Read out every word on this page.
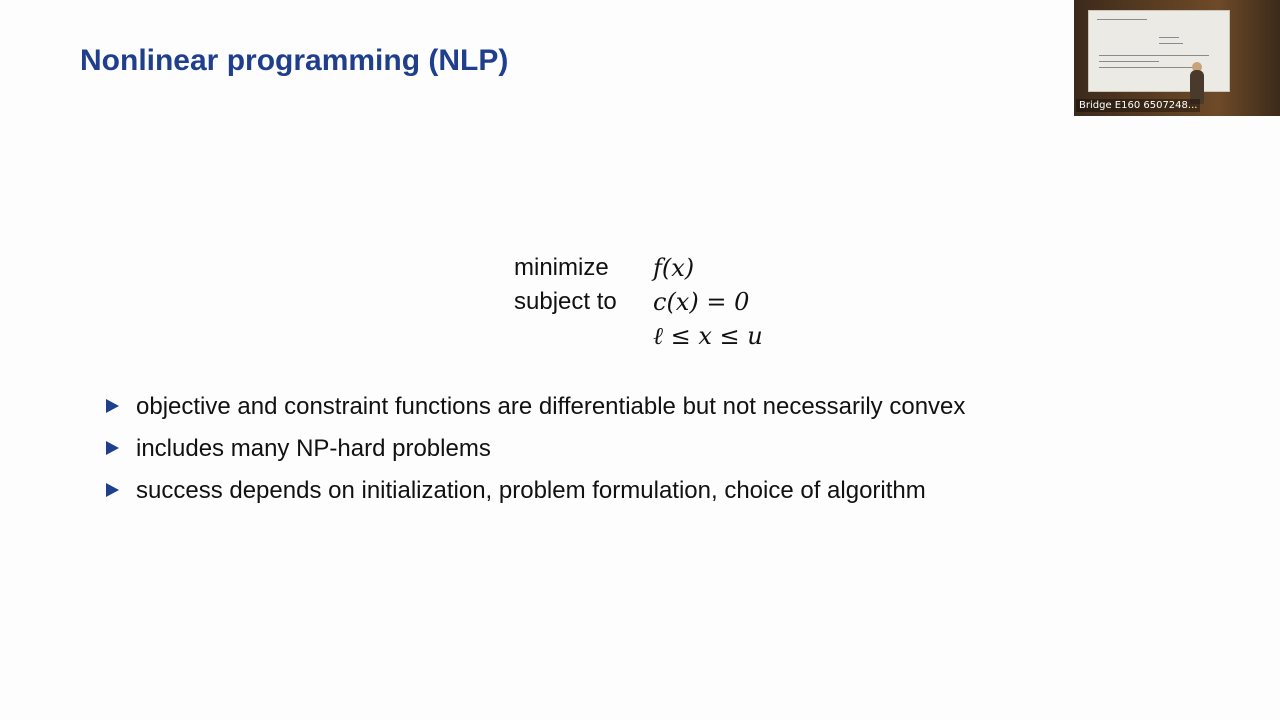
Nonlinear programming (NLP)
minimize f(x)
subject to c(x) = 0
ℓ ≤ x ≤ u
objective and constraint functions are differentiable but not necessarily convex
includes many NP-hard problems
success depends on initialization, problem formulation, choice of algorithm
Bridge E160 6507248...
